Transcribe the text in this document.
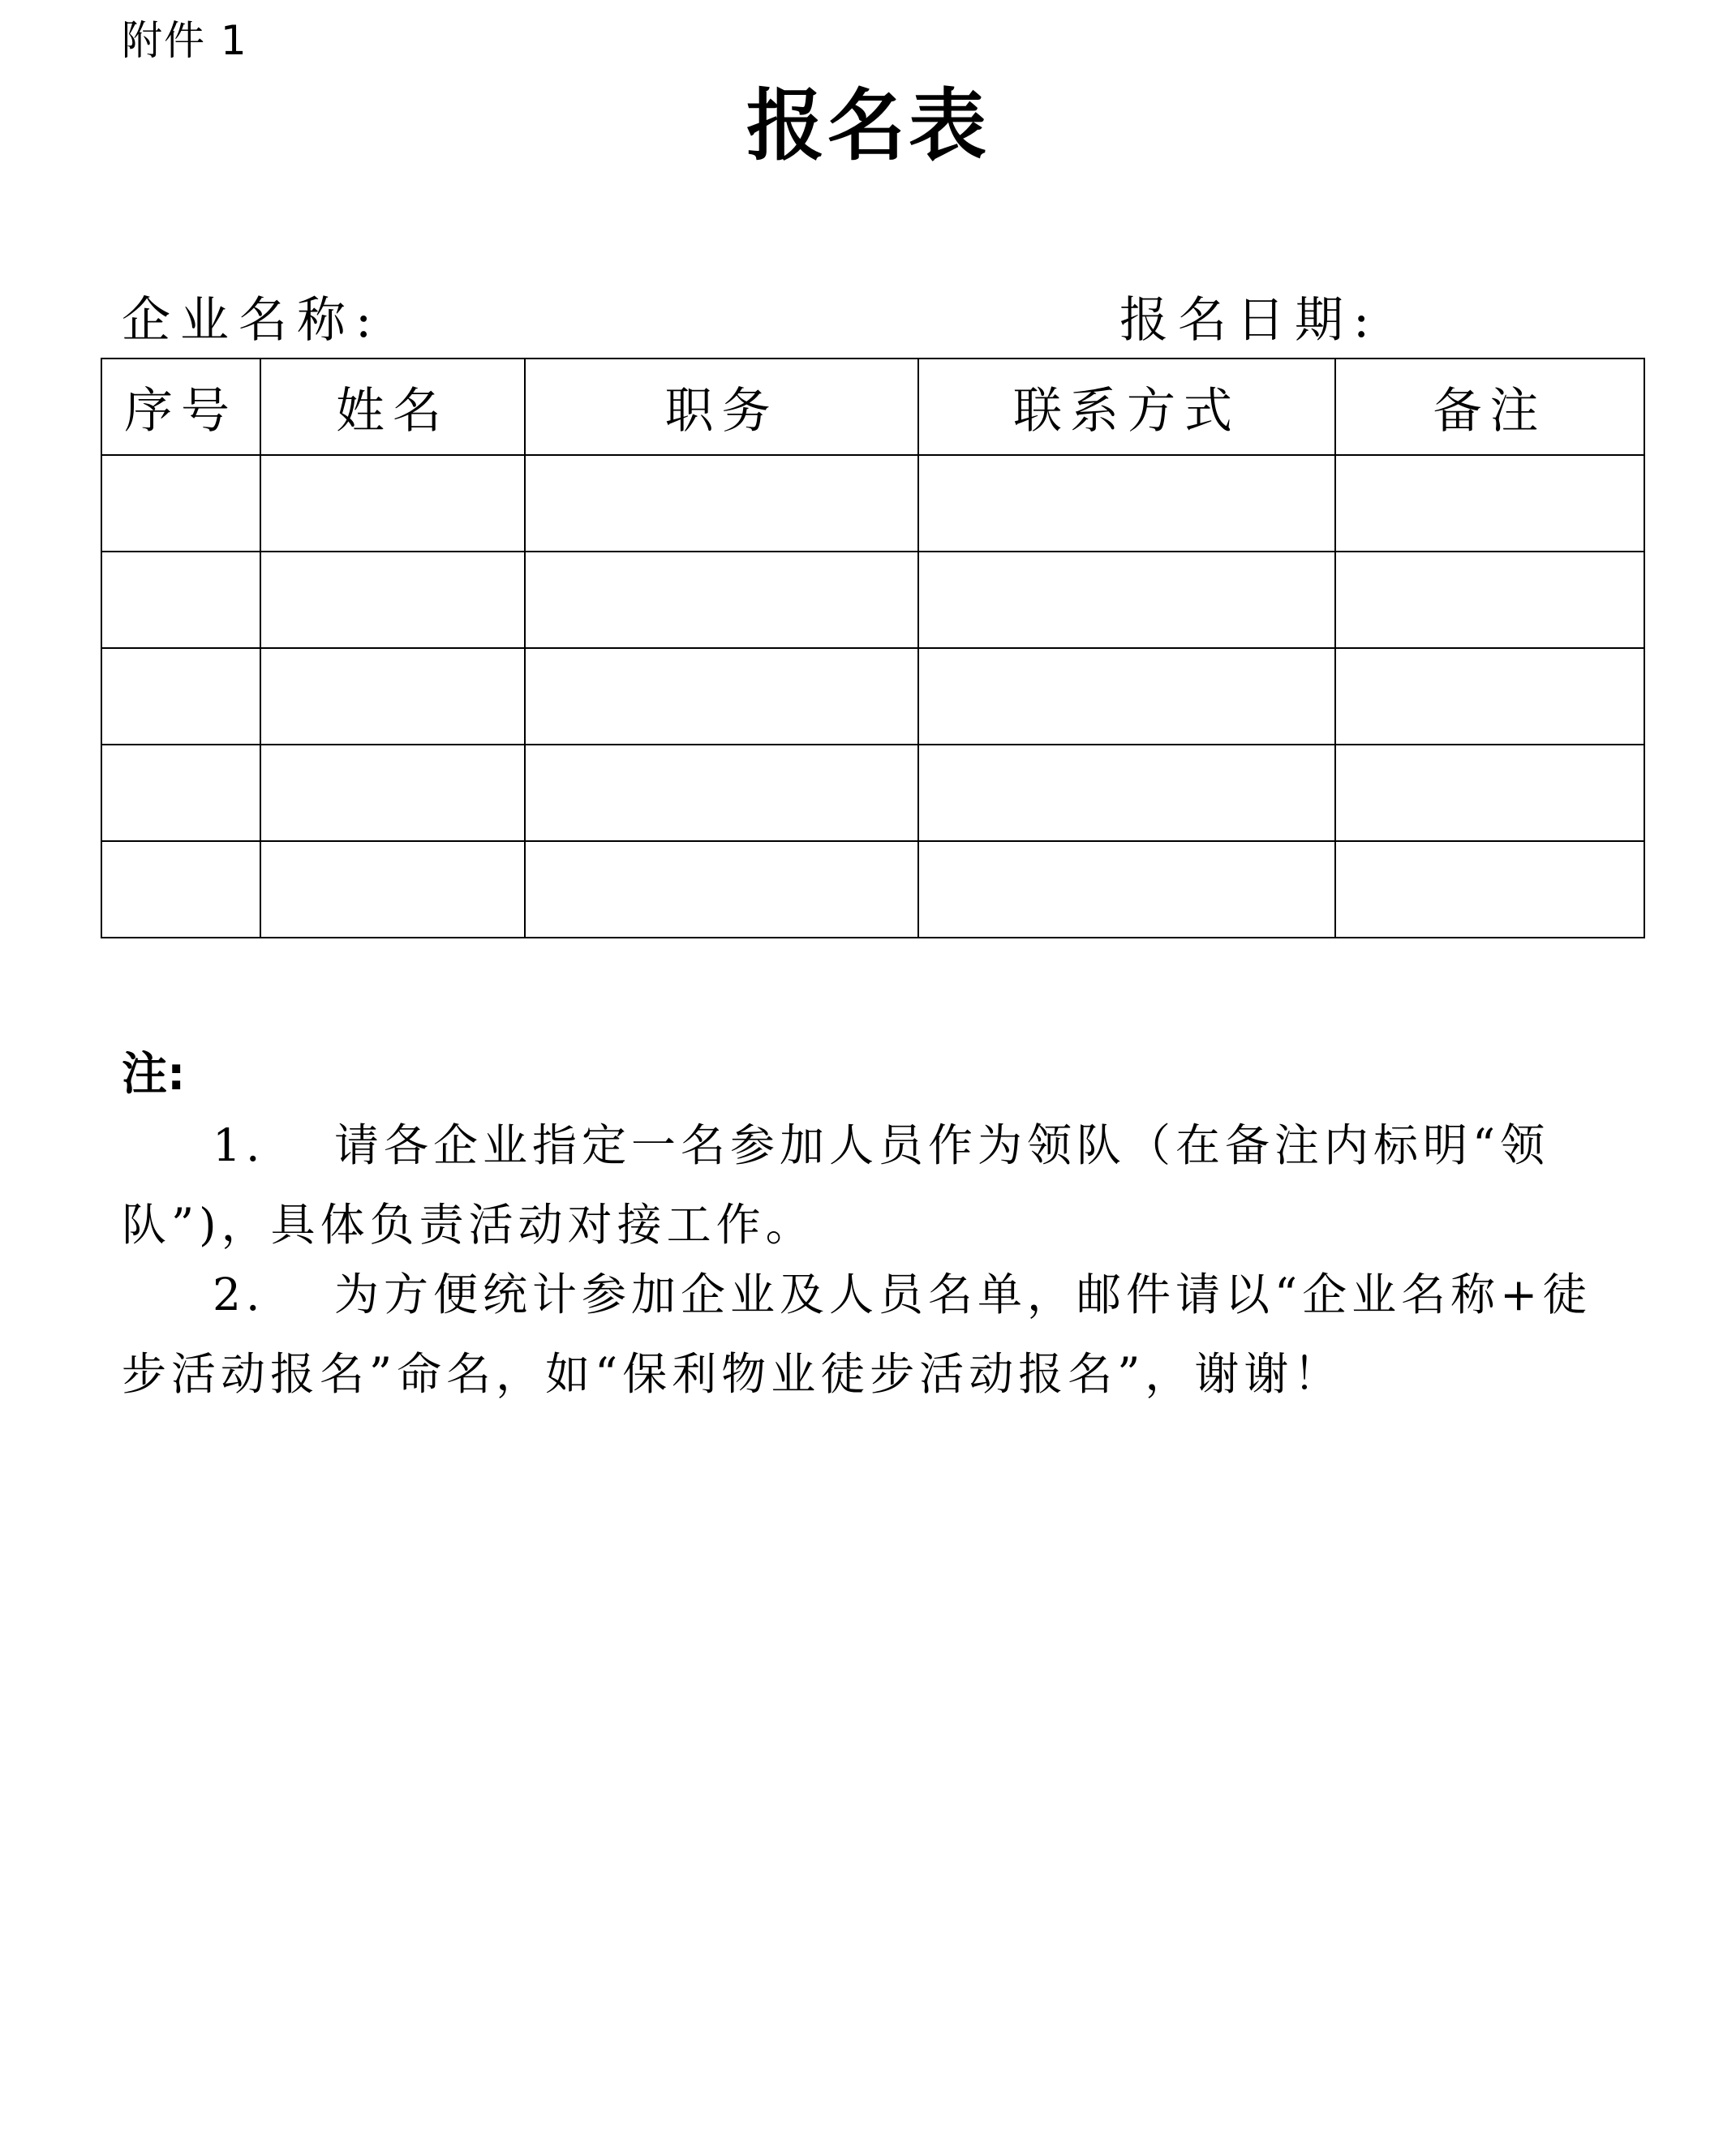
附件 1
报名表
企业名称:	报名日期:
序号	姓名	职务	联系方式	备注

注:
1. 请各企业指定一名参加人员作为领队（在备注内标明“领队”)，具体负责活动对接工作。
2. 为方便统计参加企业及人员名单，邮件请以“企业名称+徒步活动报名”命名，如“保利物业徒步活动报名”，谢谢！
